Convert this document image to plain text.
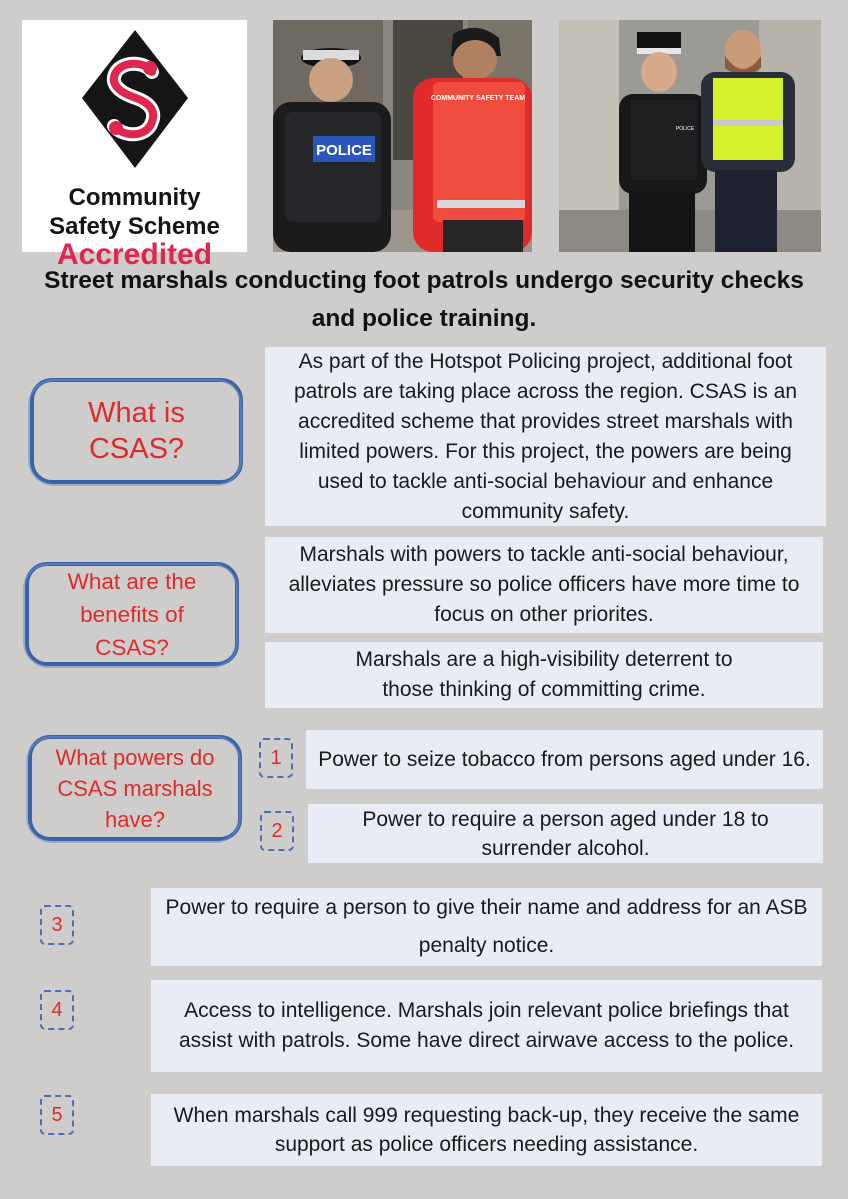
Community
Safety Scheme
Accredited
POLICE
COMMUNITY SAFETY TEAM
POLICE
Street marshals conducting foot patrols undergo security checks and police training.
What is CSAS?
As part of the Hotspot Policing project, additional foot patrols are taking place across the region. CSAS is an accredited scheme that provides street marshals with limited powers. For this project, the powers are being used to tackle anti-social behaviour and enhance community safety.
What are the benefits of CSAS?
Marshals with powers to tackle anti-social behaviour, alleviates pressure so police officers have more time to focus on other priorites.
Marshals are a high-visibility deterrent to those thinking of committing crime.
What powers do CSAS marshals have?
1	Power to seize tobacco from persons aged under 16.
2	Power to require a person aged under 18 to surrender alcohol.
3
Power to require a person to give their name and address for an ASB penalty notice.
4	Access to intelligence. Marshals join relevant police briefings that assist with patrols. Some have direct airwave access to the police.
5	When marshals call 999 requesting back-up, they receive the same support as police officers needing assistance.
